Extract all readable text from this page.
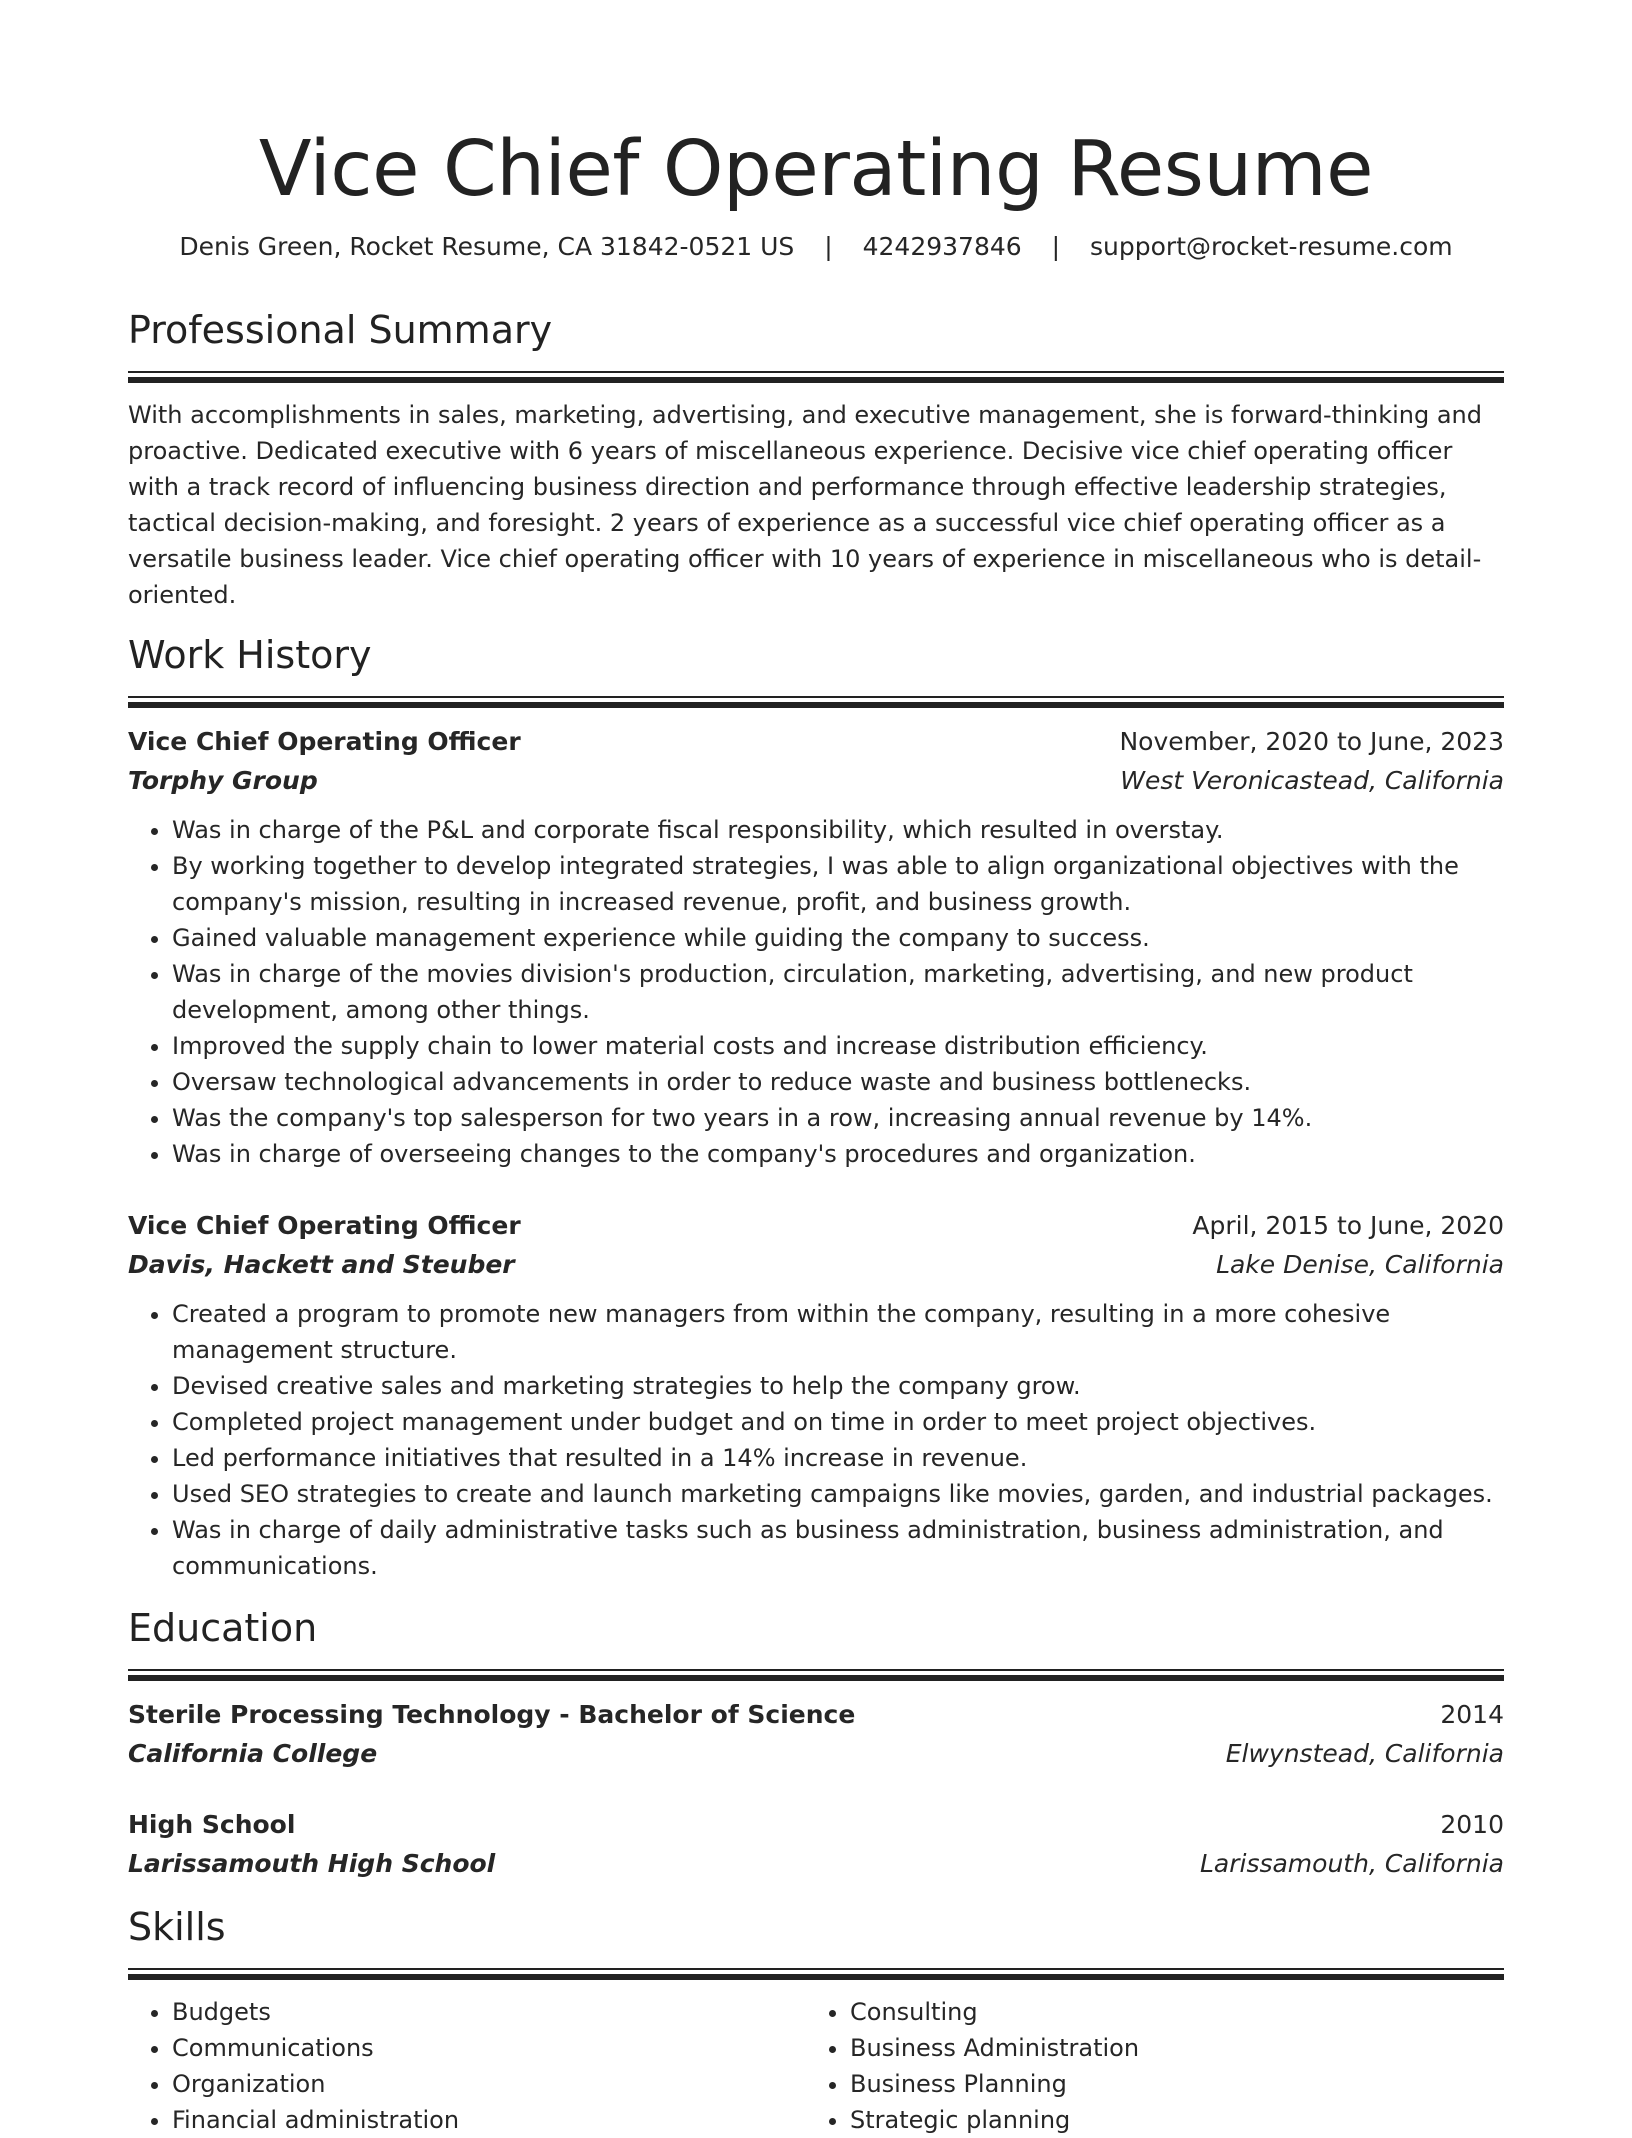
Vice Chief Operating Resume
Denis Green, Rocket Resume, CA 31842-0521 US | 4242937846 | support@rocket-resume.com
Professional Summary

With accomplishments in sales, marketing, advertising, and executive management, she is forward-thinking and proactive. Dedicated executive with 6 years of miscellaneous experience. Decisive vice chief operating officer with a track record of influencing business direction and performance through effective leadership strategies, tactical decision-making, and foresight. 2 years of experience as a successful vice chief operating officer as a versatile business leader. Vice chief operating officer with 10 years of experience in miscellaneous who is detail-oriented.

Work History
Vice Chief Operating Officer	November, 2020 to June, 2023
Torphy Group	West Veronicastead, California
• Was in charge of the P&L and corporate fiscal responsibility, which resulted in overstay.
• By working together to develop integrated strategies, I was able to align organizational objectives with the company's mission, resulting in increased revenue, profit, and business growth.
• Gained valuable management experience while guiding the company to success.
• Was in charge of the movies division's production, circulation, marketing, advertising, and new product development, among other things.
• Improved the supply chain to lower material costs and increase distribution efficiency.
• Oversaw technological advancements in order to reduce waste and business bottlenecks.
• Was the company's top salesperson for two years in a row, increasing annual revenue by 14%.
• Was in charge of overseeing changes to the company's procedures and organization.
Vice Chief Operating Officer	April, 2015 to June, 2020
Davis, Hackett and Steuber	Lake Denise, California
• Created a program to promote new managers from within the company, resulting in a more cohesive management structure.
• Devised creative sales and marketing strategies to help the company grow.
• Completed project management under budget and on time in order to meet project objectives.
• Led performance initiatives that resulted in a 14% increase in revenue.
• Used SEO strategies to create and launch marketing campaigns like movies, garden, and industrial packages.
• Was in charge of daily administrative tasks such as business administration, business administration, and communications.
Education
Sterile Processing Technology - Bachelor of Science	2014
California College	Elwynstead, California
High School	2010
Larissamouth High School	Larissamouth, California
Skills
• Budgets
• Communications
• Organization
• Financial administration
• Consulting
• Business Administration
• Business Planning
• Strategic planning
